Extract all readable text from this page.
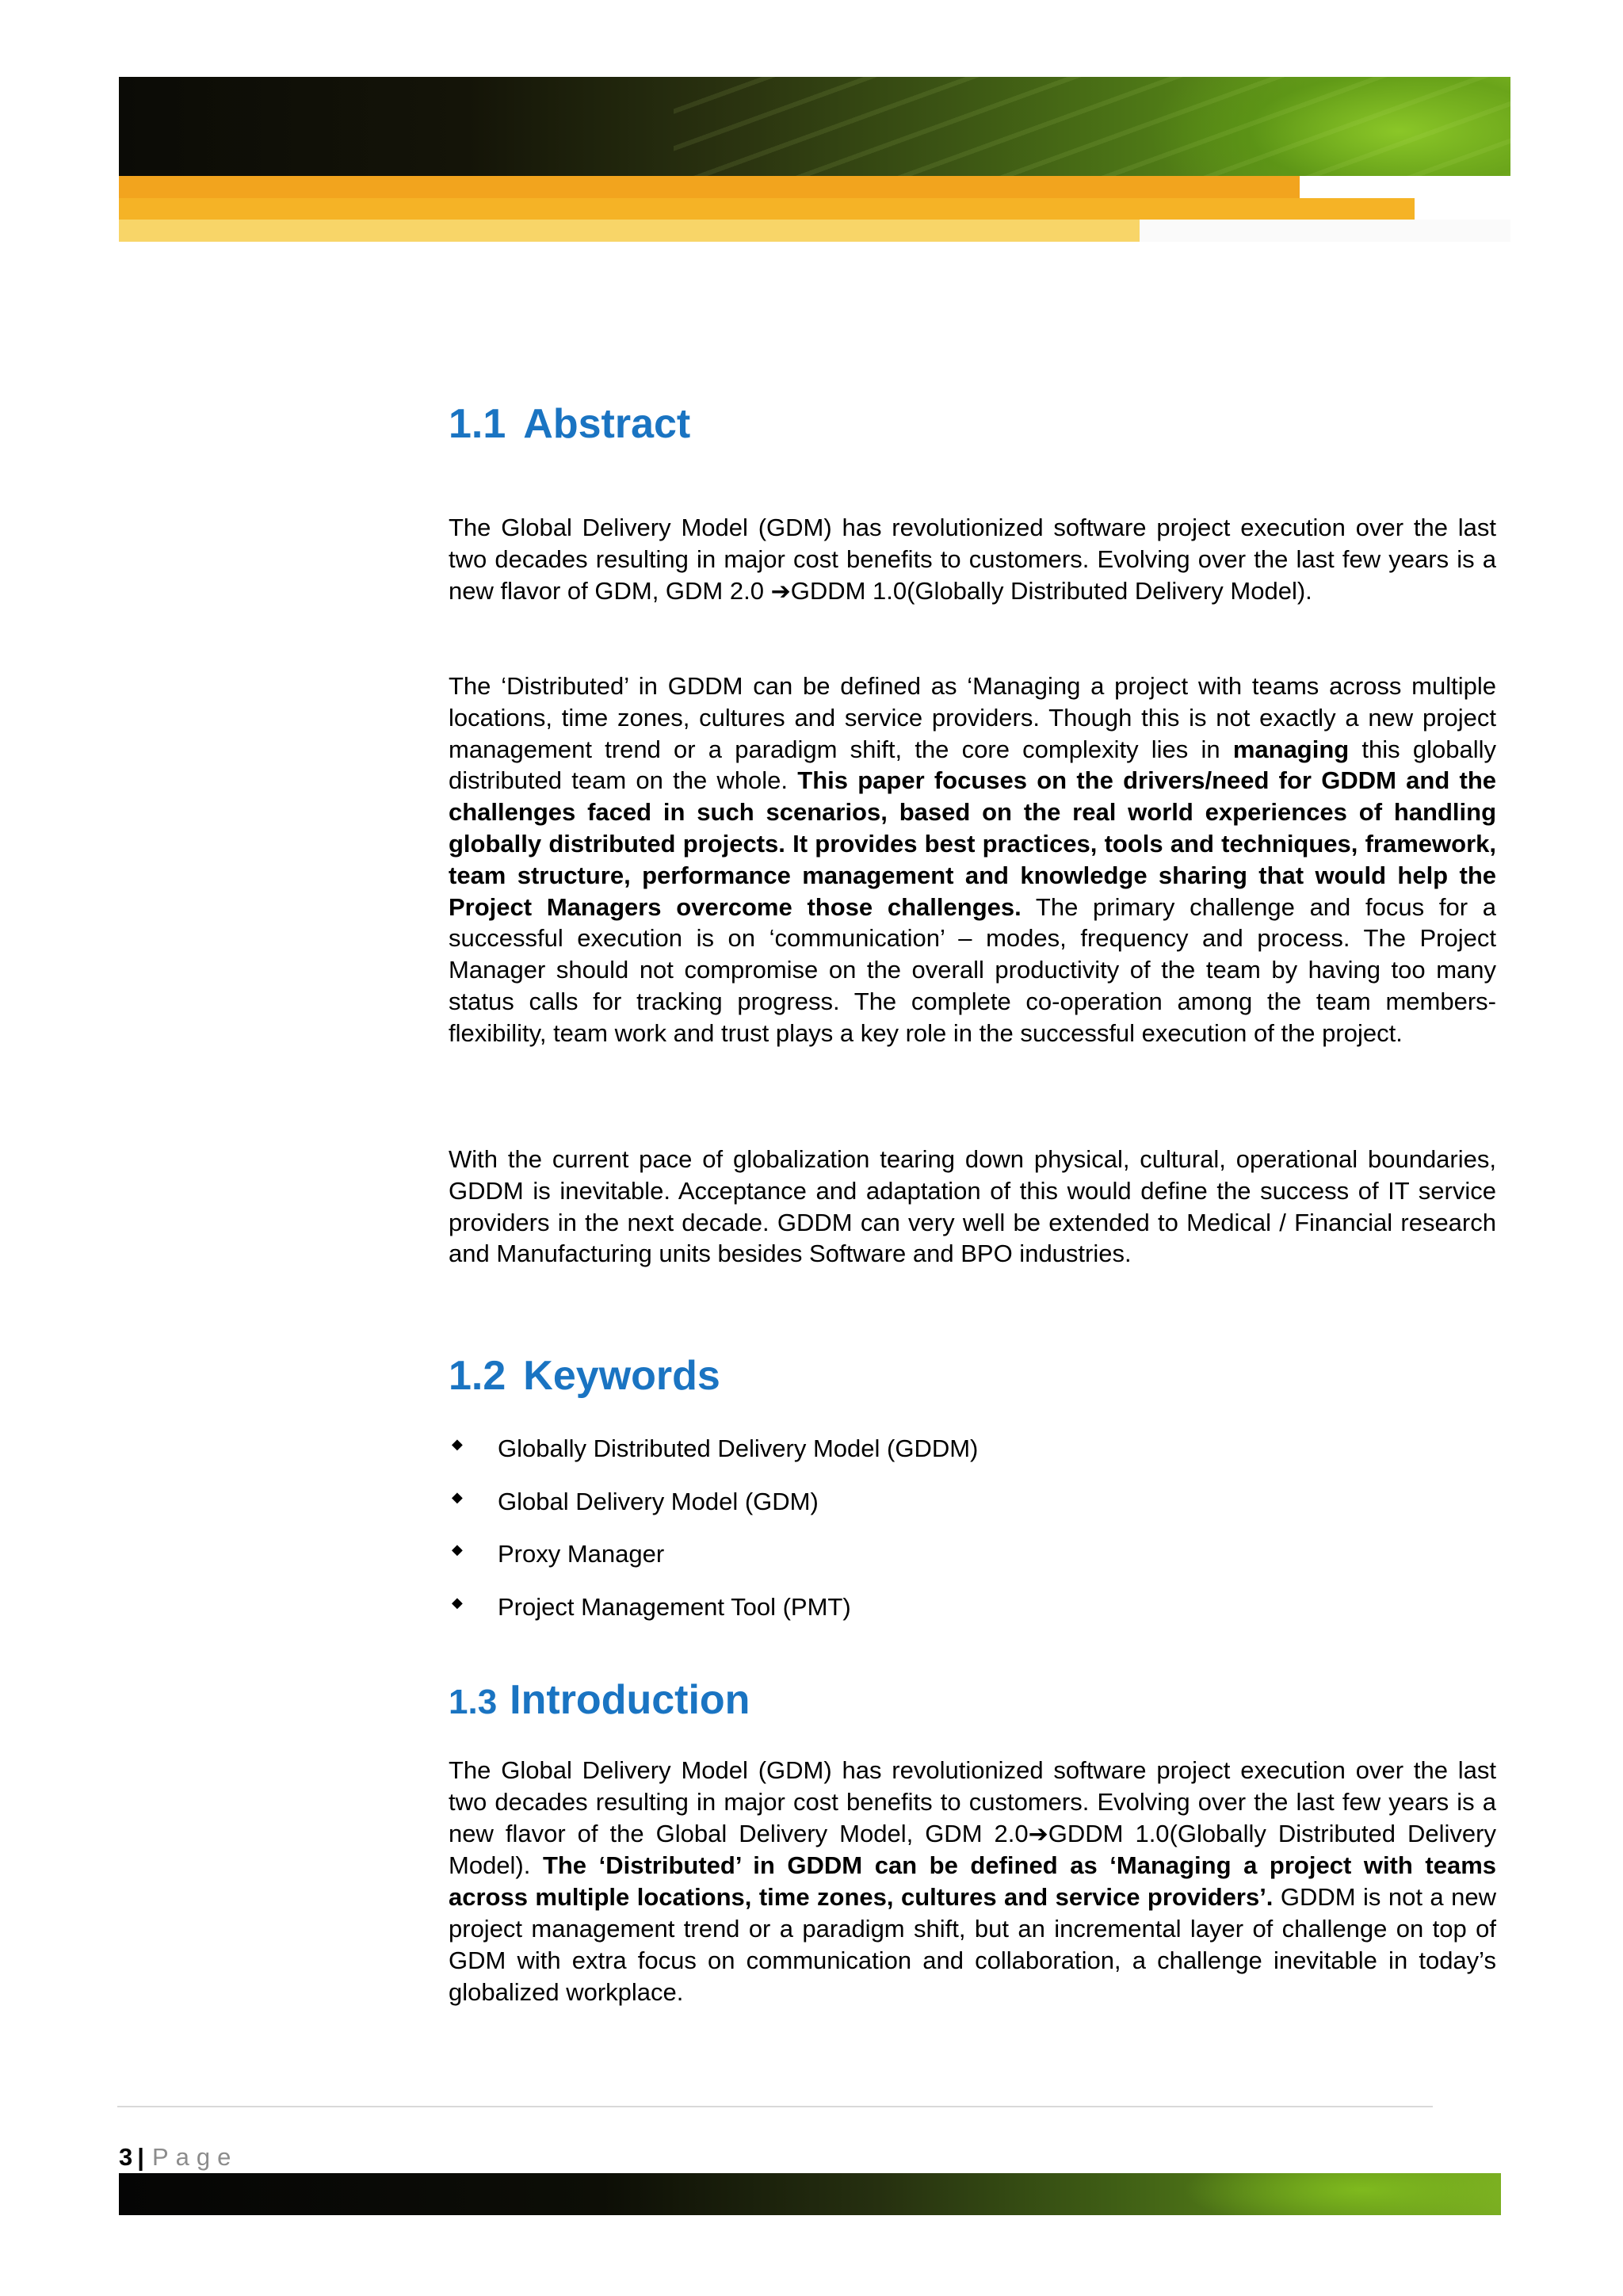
1.1 Abstract

The Global Delivery Model (GDM) has revolutionized software project execution over the last two decades resulting in major cost benefits to customers. Evolving over the last few years is a new flavor of GDM, GDM 2.0 ➔GDDM 1.0(Globally Distributed Delivery Model).

The ‘Distributed’ in GDDM can be defined as ‘Managing a project with teams across multiple locations, time zones, cultures and service providers. Though this is not exactly a new project management trend or a paradigm shift, the core complexity lies in managing this globally distributed team on the whole. This paper focuses on the drivers/need for GDDM and the challenges faced in such scenarios, based on the real world experiences of handling globally distributed projects. It provides best practices, tools and techniques, framework, team structure, performance management and knowledge sharing that would help the Project Managers overcome those challenges. The primary challenge and focus for a successful execution is on ‘communication’ – modes, frequency and process. The Project Manager should not compromise on the overall productivity of the team by having too many status calls for tracking progress. The complete co-operation among the team members-flexibility, team work and trust plays a key role in the successful execution of the project.

With the current pace of globalization tearing down physical, cultural, operational boundaries, GDDM is inevitable. Acceptance and adaptation of this would define the success of IT service providers in the next decade. GDDM can very well be extended to Medical / Financial research and Manufacturing units besides Software and BPO industries.

1.2 Keywords
◆ Globally Distributed Delivery Model (GDDM)
◆ Global Delivery Model (GDM)
◆ Proxy Manager
◆ Project Management Tool (PMT)
1.3 Introduction

The Global Delivery Model (GDM) has revolutionized software project execution over the last two decades resulting in major cost benefits to customers. Evolving over the last few years is a new flavor of the Global Delivery Model, GDM 2.0➔GDDM 1.0(Globally Distributed Delivery Model). The ‘Distributed’ in GDDM can be defined as ‘Managing a project with teams across multiple locations, time zones, cultures and service providers’. GDDM is not a new project management trend or a paradigm shift, but an incremental layer of challenge on top of GDM with extra focus on communication and collaboration, a challenge inevitable in today’s globalized workplace.

3 | Page
